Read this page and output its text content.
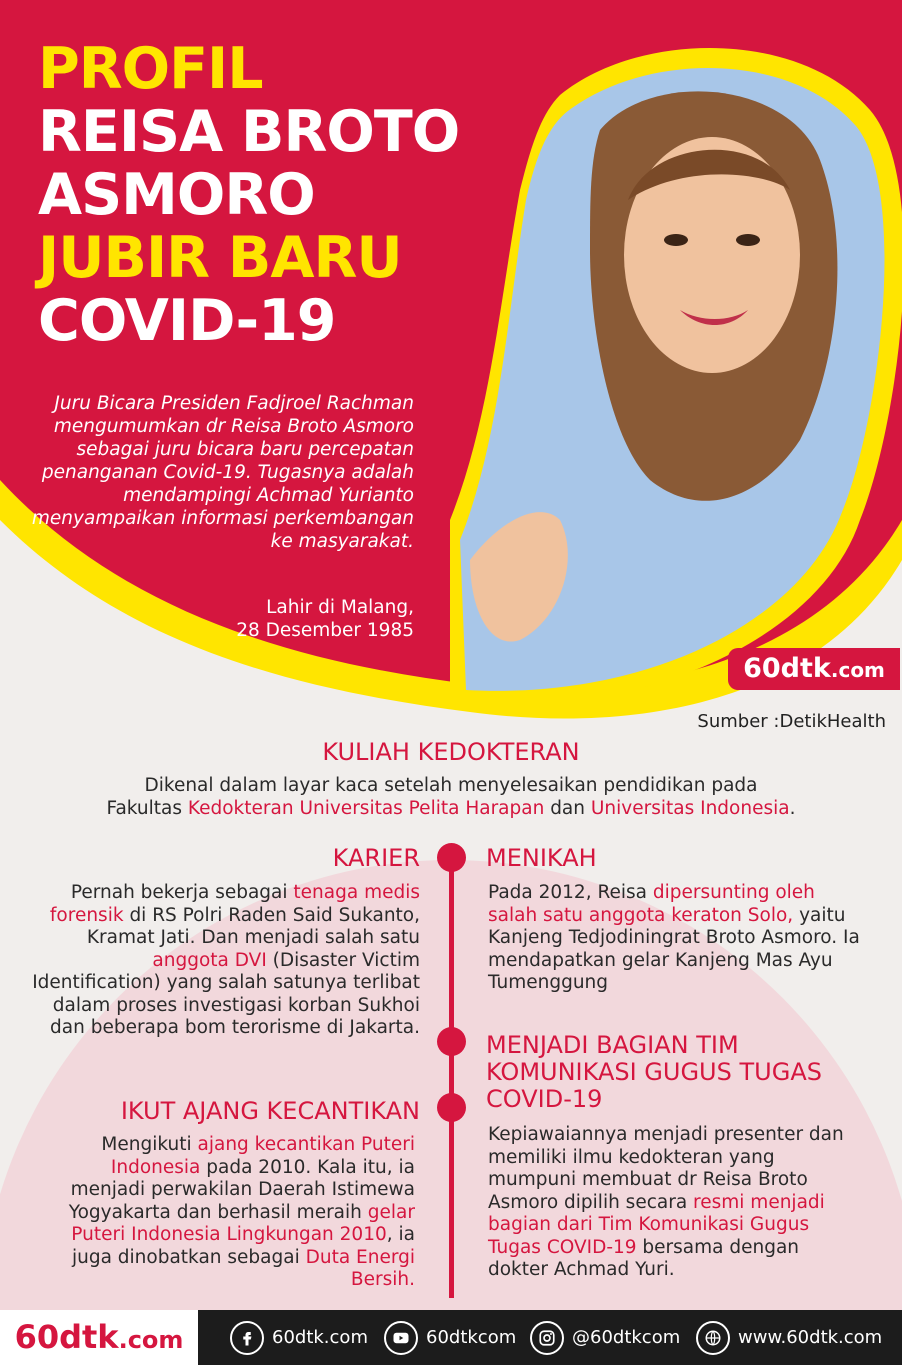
PROFIL
REISA BROTO
ASMORO
JUBIR BARU
COVID-19

Juru Bicara Presiden Fadjroel Rachman mengumumkan dr Reisa Broto Asmoro sebagai juru bicara baru percepatan penanganan Covid-19. Tugasnya adalah mendampingi Achmad Yurianto menyampaikan informasi perkembangan ke masyarakat.

Lahir di Malang,
28 Desember 1985

60dtk.com
Sumber :DetikHealth
KULIAH KEDOKTERAN

Dikenal dalam layar kaca setelah menyelesaikan pendidikan pada
Fakultas Kedokteran Universitas Pelita Harapan dan Universitas Indonesia.

KARIER

Pernah bekerja sebagai tenaga medis forensik di RS Polri Raden Said Sukanto, Kramat Jati. Dan menjadi salah satu anggota DVI (Disaster Victim Identification) yang salah satunya terlibat dalam proses investigasi korban Sukhoi dan beberapa bom terorisme di Jakarta.

MENIKAH

Pada 2012, Reisa dipersunting oleh salah satu anggota keraton Solo, yaitu Kanjeng Tedjodiningrat Broto Asmoro. Ia mendapatkan gelar Kanjeng Mas Ayu Tumenggung

MENJADI BAGIAN TIM
KOMUNIKASI GUGUS TUGAS
COVID-19

Kepiawaiannya menjadi presenter dan memiliki ilmu kedokteran yang mumpuni membuat dr Reisa Broto Asmoro dipilih secara resmi menjadi bagian dari Tim Komunikasi Gugus Tugas COVID-19 bersama dengan dokter Achmad Yuri.

IKUT AJANG KECANTIKAN

Mengikuti ajang kecantikan Puteri Indonesia pada 2010. Kala itu, ia menjadi perwakilan Daerah Istimewa Yogyakarta dan berhasil meraih gelar Puteri Indonesia Lingkungan 2010, ia juga dinobatkan sebagai Duta Energi Bersih.

60dtk.com	60dtk.com	60dtkcom	@60dtkcom	www.60dtk.com
